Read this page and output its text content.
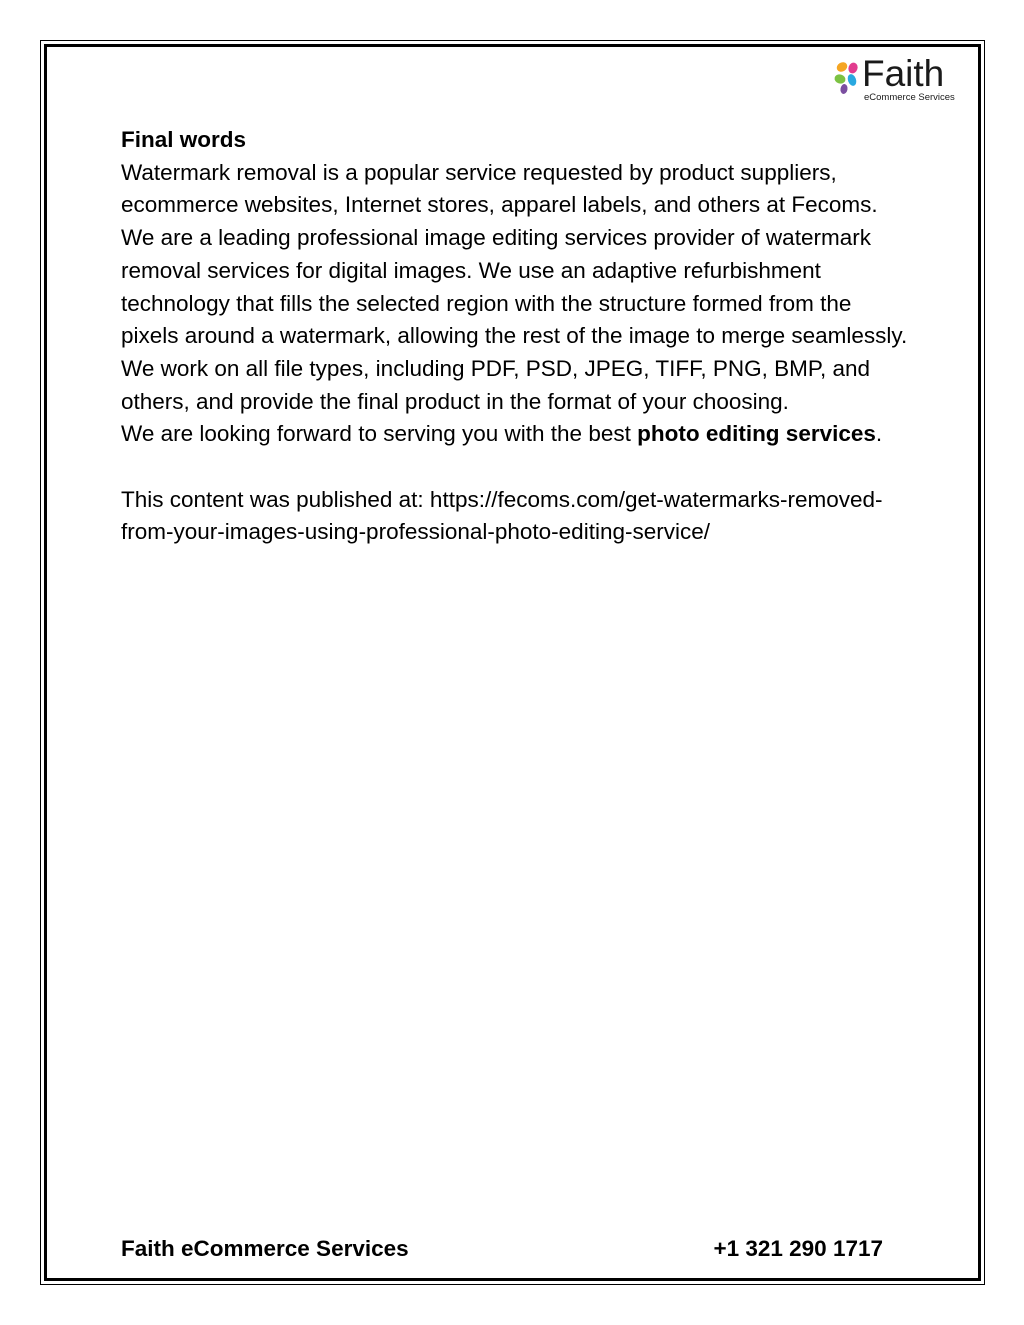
Faith
eCommerce Services

Final words

Watermark removal is a popular service requested by product suppliers, ecommerce websites, Internet stores, apparel labels, and others at Fecoms.

We are a leading professional image editing services provider of watermark removal services for digital images. We use an adaptive refurbishment technology that fills the selected region with the structure formed from the pixels around a watermark, allowing the rest of the image to merge seamlessly.

We work on all file types, including PDF, PSD, JPEG, TIFF, PNG, BMP, and others, and provide the final product in the format of your choosing.

We are looking forward to serving you with the best photo editing services.

This content was published at: https://fecoms.com/get-watermarks-removed-from-your-images-using-professional-photo-editing-service/

Faith eCommerce Services	+1 321 290 1717
